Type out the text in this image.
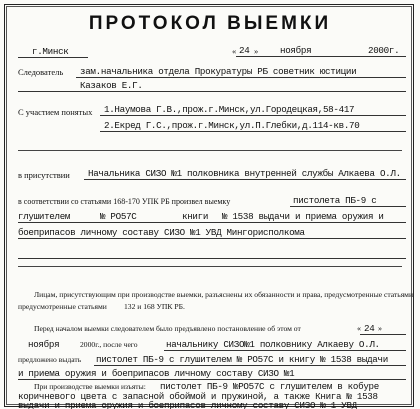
ПРОТОКОЛ ВЫЕМКИ
г.Минск	« 24 » ноября	2000г.
Следователь зам.начальника отдела Прокуратуры РБ советник юстиции
Казаков Е.Г.
С участием понятых 1.Наумова Г.В.,прож.г.Минск,ул.Городецкая,58-417
2.Екред Г.С.,прож.г.Минск,ул.П.Глебки,д.114-кв.70
в присутствии Начальника СИЗО №1 полковника внутренней службы Алкаева О.Л.
в соответствии со статьями 168-170 УПК РБ произвел выемку	пистолета ПБ-9 с
глушителем	№ РО57С	книги № 1538 выдачи и приема оружия и
боеприпасов личному составу СИЗО №1 УВД Мингорисполкома
Лицам, присутствующим при производстве выемки, разъяснены их обязанности и права, предусмотренные статьями
предусмотренные статьями 132 и 168 УПК РБ.
Перед началом выемки следователем было предъявлено постановление об этом от	« 24 »
ноября	2000г., после чего	начальнику СИЗО№1 полковнику Алкаеву О.Л.
предложено выдать пистолет ПБ-9 с глушителем № РО57С и книгу № 1538 выдачи
и приема оружия и боеприпасов личному составу СИЗО №1
При производстве выемки изъяты: пистолет ПБ-9 №РО57С с глушителем в кобуре
коричневого цвета с запасной обоймой и пружиной, а также Книга № 1538
выдачи и приема оружия и боеприпасов личному составу СИЗО № 1 УВД
